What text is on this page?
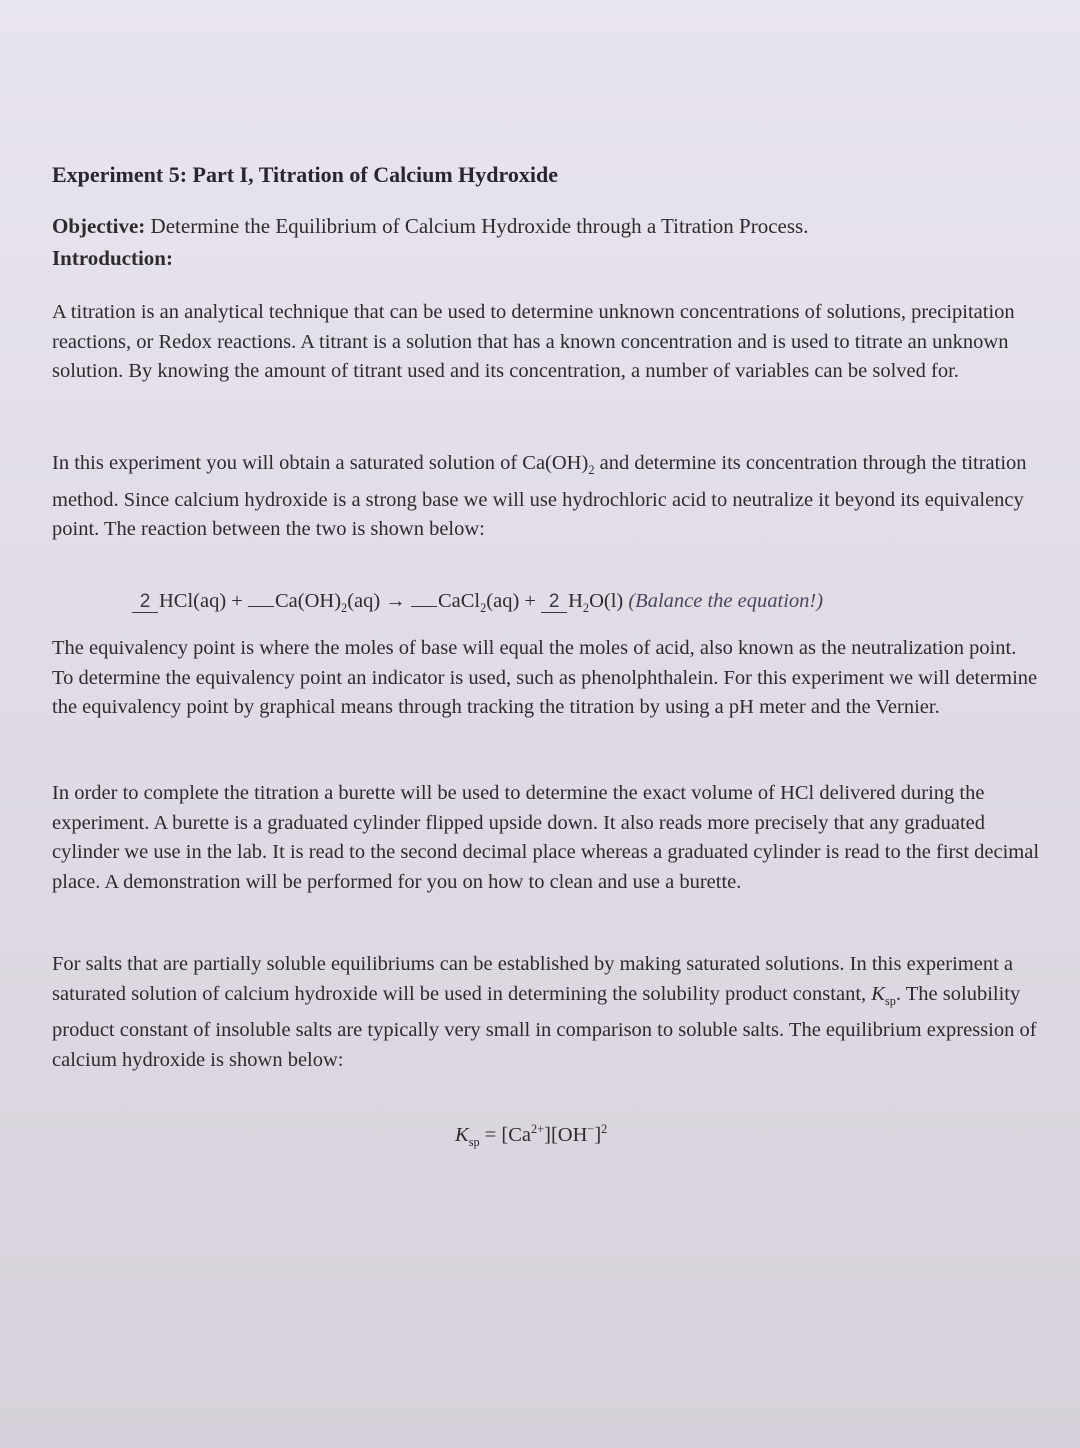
Experiment 5: Part I, Titration of Calcium Hydroxide
Objective: Determine the Equilibrium of Calcium Hydroxide through a Titration Process.
Introduction:

A titration is an analytical technique that can be used to determine unknown concentrations of solutions, precipitation reactions, or Redox reactions. A titrant is a solution that has a known concentration and is used to titrate an unknown solution. By knowing the amount of titrant used and its concentration, a number of variables can be solved for.

In this experiment you will obtain a saturated solution of $Ca(OH)_2$ and determine its concentration through the titration method. Since calcium hydroxide is a strong base we will use hydrochloric acid to neutralize it beyond its equivalency point. The reaction between the two is shown below:

2 $HCl(aq) + Ca(OH)_2(aq)$ → CaCl$_2$(aq) + 2 $H_2O(l)$ (Balance the equation!)

The equivalency point is where the moles of base will equal the moles of acid, also known as the neutralization point. To determine the equivalency point an indicator is used, such as phenolphthalein. For this experiment we will determine the equivalency point by graphical means through tracking the titration by using a pH meter and the Vernier.

In order to complete the titration a burette will be used to determine the exact volume of HCl delivered during the experiment. A burette is a graduated cylinder flipped upside down. It also reads more precisely that any graduated cylinder we use in the lab. It is read to the second decimal place whereas a graduated cylinder is read to the first decimal place. A demonstration will be performed for you on how to clean and use a burette.

For salts that are partially soluble equilibriums can be established by making saturated solutions. In this experiment a saturated solution of calcium hydroxide will be used in determining the solubility product constant, $K_{sp}$. The solubility product constant of insoluble salts are typically very small in comparison to soluble salts. The equilibrium expression of calcium hydroxide is shown below:

$K_{sp} = [Ca^{2+}][OH^-]^2$
